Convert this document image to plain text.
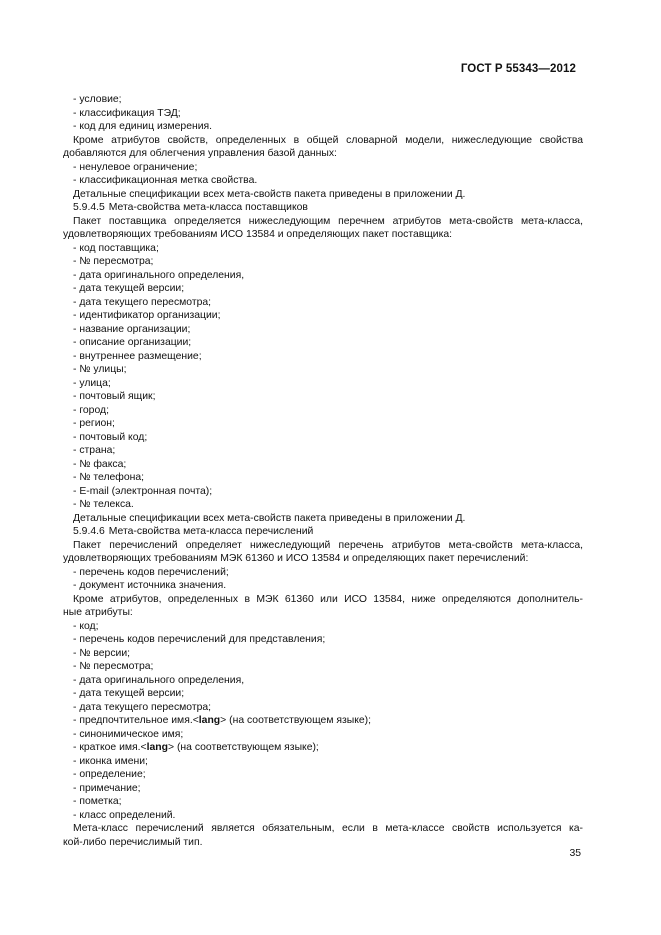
ГОСТ Р 55343—2012
- условие;
- классификация ТЭД;
- код для единиц измерения.
Кроме атрибутов свойств, определенных в общей словарной модели, нижеследующие свойства
добавляются для облегчения управления базой данных:
- ненулевое ограничение;
- классификационная метка свойства.
Детальные спецификации всех мета-свойств пакета приведены в приложении Д.
5.9.4.5 Мета-свойства мета-класса поставщиков
Пакет поставщика определяется нижеследующим перечнем атрибутов мета-свойств мета-класса,
удовлетворяющих требованиям ИСО 13584 и определяющих пакет поставщика:
- код поставщика;
- № пересмотра;
- дата оригинального определения,
- дата текущей версии;
- дата текущего пересмотра;
- идентификатор организации;
- название организации;
- описание организации;
- внутреннее размещение;
- № улицы;
- улица;
- почтовый ящик;
- город;
- регион;
- почтовый код;
- страна;
- № факса;
- № телефона;
- E-mail (электронная почта);
- № телекса.
Детальные спецификации всех мета-свойств пакета приведены в приложении Д.
5.9.4.6 Мета-свойства мета-класса перечислений
Пакет перечислений определяет нижеследующий перечень атрибутов мета-свойств мета-класса,
удовлетворяющих требованиям МЭК 61360 и ИСО 13584 и определяющих пакет перечислений:
- перечень кодов перечислений;
- документ источника значения.
Кроме атрибутов, определенных в МЭК 61360 или ИСО 13584, ниже определяются дополнитель-
ные атрибуты:
- код;
- перечень кодов перечислений для представления;
- № версии;
- № пересмотра;
- дата оригинального определения,
- дата текущей версии;
- дата текущего пересмотра;
- предпочтительное имя.<lang> (на соответствующем языке);
- синонимическое имя;
- краткое имя.<lang> (на соответствующем языке);
- иконка имени;
- определение;
- примечание;
- пометка;
- класс определений.
Мета-класс перечислений является обязательным, если в мета-классе свойств используется ка-
кой-либо перечислимый тип.
35
